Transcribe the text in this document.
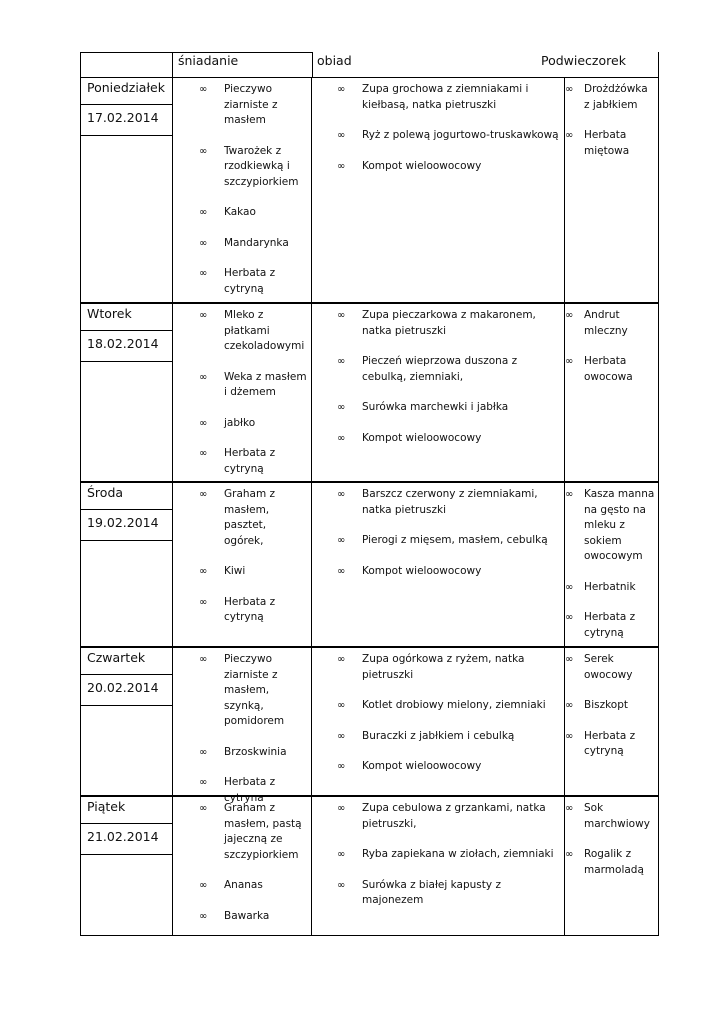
śniadanie	obiad	Podwieczorek
Poniedziałek
17.02.2014
∞ Pieczywo ziarniste z masłem
∞ Twarożek z rzodkiewką i szczypiorkiem
∞ Kakao
∞ Mandarynka
∞ Herbata z cytryną
∞ Zupa grochowa z ziemniakami i kiełbasą, natka pietruszki
∞ Ryż z polewą jogurtowo-truskawkową
∞ Kompot wieloowocowy
∞ Drożdżówka z jabłkiem
∞ Herbata miętowa
Wtorek
18.02.2014
∞ Mleko z płatkami czekoladowymi
∞ Weka z masłem i dżemem
∞ jabłko
∞ Herbata z cytryną
∞ Zupa pieczarkowa z makaronem, natka pietruszki
∞ Pieczeń wieprzowa duszona z cebulką, ziemniaki,
∞ Surówka marchewki i jabłka
∞ Kompot wieloowocowy
∞ Andrut mleczny
∞ Herbata owocowa
Środa
19.02.2014
∞ Graham z masłem, pasztet, ogórek,
∞ Kiwi
∞ Herbata z cytryną
∞ Barszcz czerwony z ziemniakami, natka pietruszki
∞ Pierogi z mięsem, masłem, cebulką
∞ Kompot wieloowocowy
∞ Kasza manna na gęsto na mleku z sokiem owocowym
∞ Herbatnik
∞ Herbata z cytryną
Czwartek
20.02.2014
∞ Pieczywo ziarniste z masłem, szynką, pomidorem
∞ Brzoskwinia
∞ Herbata z cytryna
∞ Zupa ogórkowa z ryżem, natka pietruszki
∞ Kotlet drobiowy mielony, ziemniaki
∞ Buraczki z jabłkiem i cebulką
∞ Kompot wieloowocowy
∞ Serek owocowy
∞ Biszkopt
∞ Herbata z cytryną
Piątek
21.02.2014
∞ Graham z masłem, pastą jajeczną ze szczypiorkiem
∞ Ananas
∞ Bawarka
∞ Zupa cebulowa z grzankami, natka pietruszki,
∞ Ryba zapiekana w ziołach, ziemniaki
∞ Surówka z białej kapusty z majonezem
∞ Sok marchwiowy
∞ Rogalik z marmoladą
